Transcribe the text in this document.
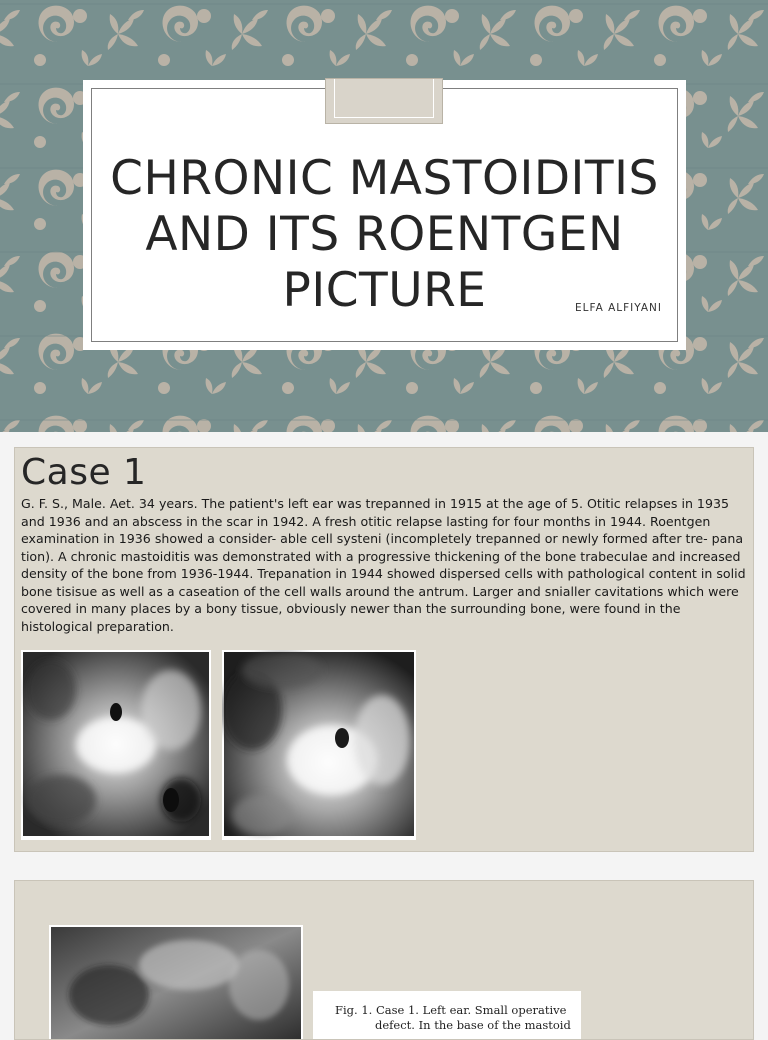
CHRONIC MASTOIDITIS AND ITS ROENTGEN PICTURE	ELFA ALFIYANI
Case 1

G. F. S., Male. Aet. 34 years. The patient's left ear was trepanned in 1915 at the age of 5. Otitic relapses in 1935 and 1936 and an abscess in the scar in 1942. A fresh otitic relapse lasting for four months in 1944. Roentgen examination in 1936 showed a consider- able cell systeni (incompletely trepanned or newly formed after tre- pana tion). A chronic mastoiditis was demonstrated with a progressive thickening of the bone trabeculae and increased density of the bone from 1936-1944. Trepanation in 1944 showed dispersed cells with pathological content in solid bone tisisue as well as a caseation of the cell walls around the antrum. Larger and snialler cavitations which were covered in many places by a bony tissue, obviously newer than the surrounding bone, were found in the histological preparation.

Fig. 1. Case 1. Left ear. Small operative
defect. In the base of the mastoid
